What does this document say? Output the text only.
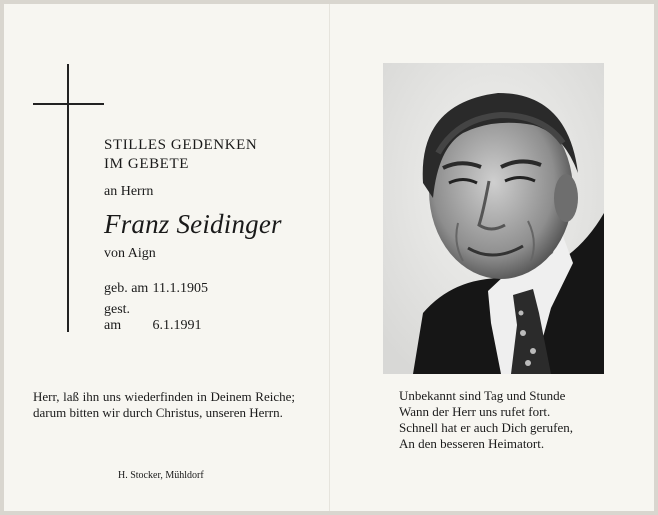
STILLES GEDENKEN
IM GEBETE
an Herrn
Franz Seidinger
von Aign
geb. am 11.1.1905
gest. am 6.1.1991
Herr, laß ihn uns wiederfinden in Deinem Reiche; darum bitten wir durch Christus, unseren Herrn.
H. Stocker, Mühldorf
Unbekannt sind Tag und Stunde
Wann der Herr uns rufet fort.
Schnell hat er auch Dich gerufen,
An den besseren Heimatort.
